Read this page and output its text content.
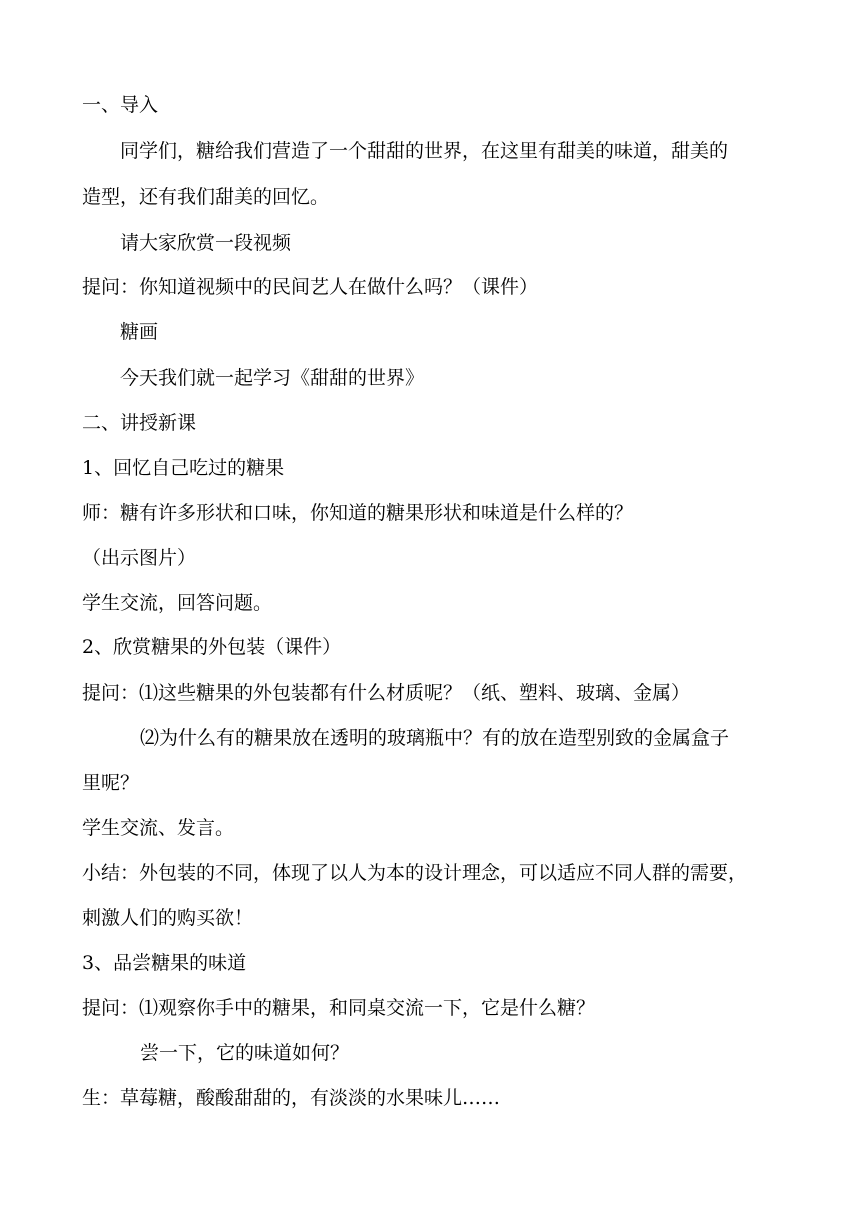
一、导入
同学们，糖给我们营造了一个甜甜的世界，在这里有甜美的味道，甜美的
造型，还有我们甜美的回忆。
请大家欣赏一段视频
提问：你知道视频中的民间艺人在做什么吗？（课件）
糖画
今天我们就一起学习《甜甜的世界》
二、讲授新课
1、回忆自己吃过的糖果
师：糖有许多形状和口味，你知道的糖果形状和味道是什么样的？
（出示图片）
学生交流，回答问题。
2、欣赏糖果的外包装（课件）
提问：⑴这些糖果的外包装都有什么材质呢？（纸、塑料、玻璃、金属）
⑵为什么有的糖果放在透明的玻璃瓶中？有的放在造型别致的金属盒子
里呢？
学生交流、发言。
小结：外包装的不同，体现了以人为本的设计理念，可以适应不同人群的需要，
刺激人们的购买欲！
3、品尝糖果的味道
提问：⑴观察你手中的糖果，和同桌交流一下，它是什么糖？
尝一下，它的味道如何？
生：草莓糖，酸酸甜甜的，有淡淡的水果味儿……
